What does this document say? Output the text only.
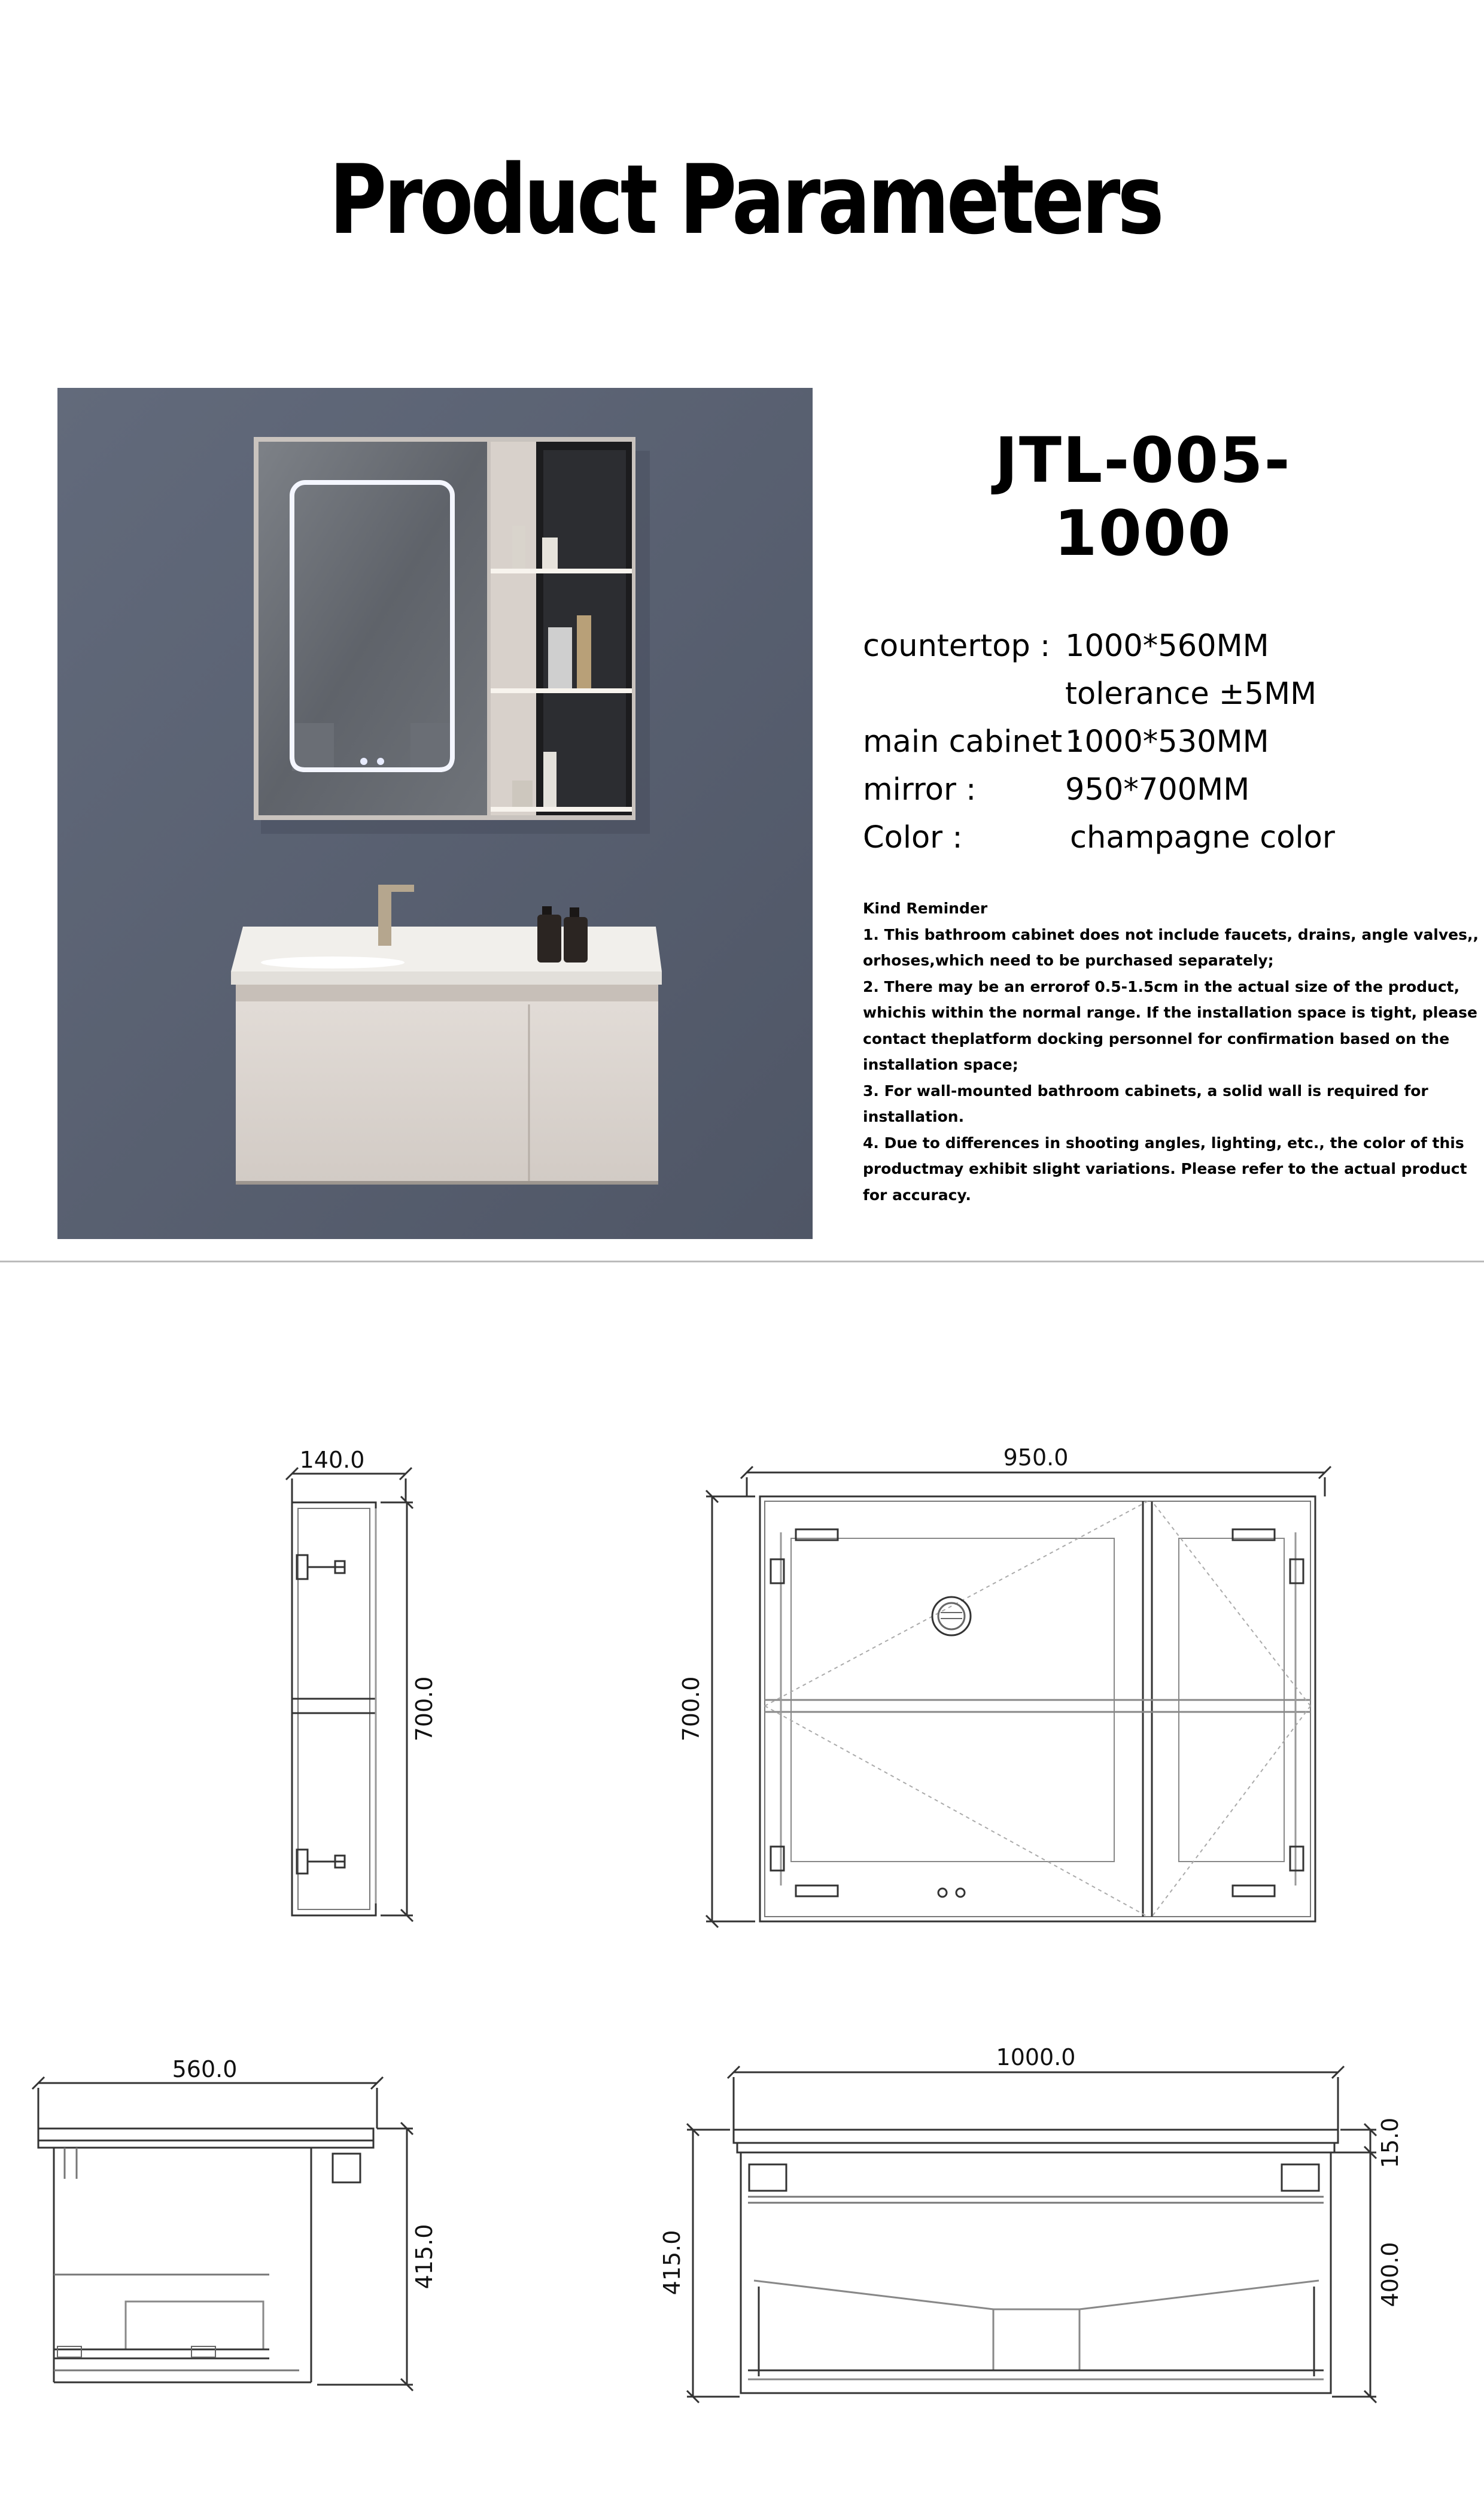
Product Parameters
JTL-005-1000
countertop : 1000*560MM
tolerance ±5MM
main cabinet :
1000*530MM
mirror :	950*700MM
Color :	champagne color
Kind Reminder
1. This bathroom cabinet does not include faucets, drains, angle valves,,
orhoses,which need to be purchased separately;
2. There may be an errorof 0.5-1.5cm in the actual size of the product,
whichis within the normal range. If the installation space is tight, please
contact theplatform docking personnel for confirmation based on the
installation space;
3. For wall-mounted bathroom cabinets, a solid wall is required for
installation.
4. Due to differences in shooting angles, lighting, etc., the color of this
productmay exhibit slight variations. Please refer to the actual product
for accuracy.
140.0
700.0
950.0
700.0
560.0
415.0
1000.0
415.0
15.0
400.0
